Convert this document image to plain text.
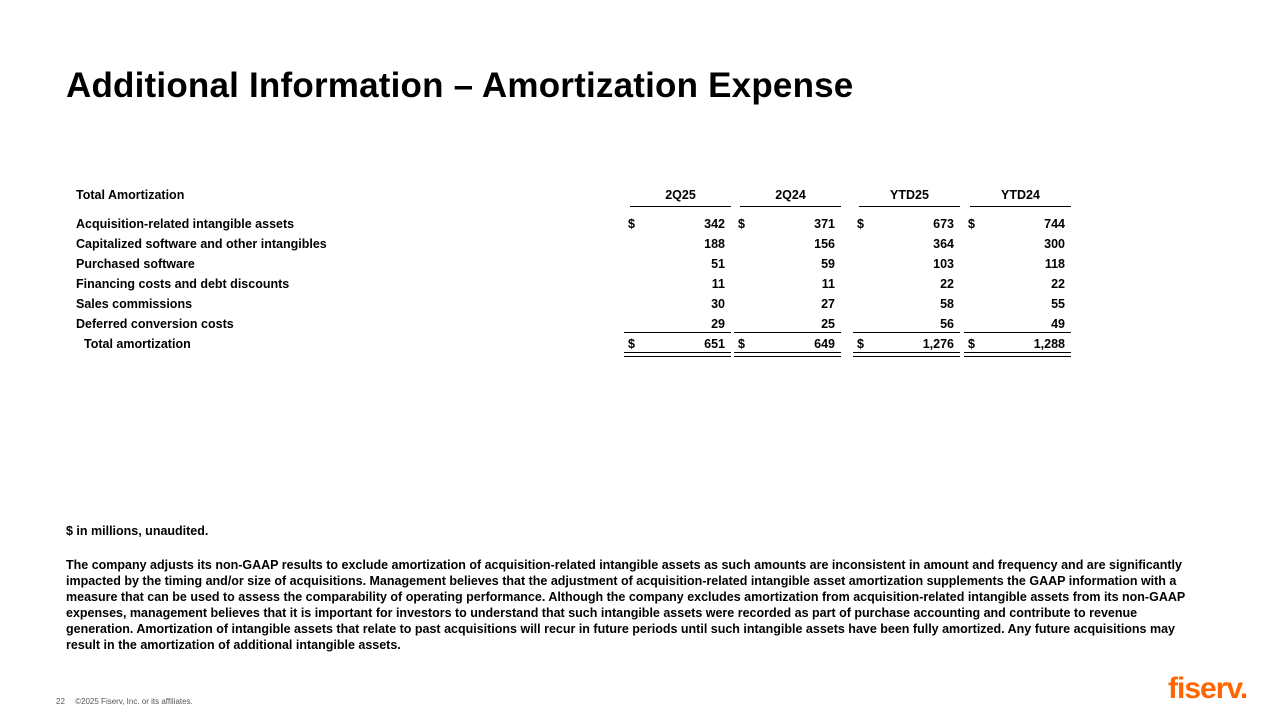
Additional Information – Amortization Expense
Total Amortization	2Q25	2Q24	YTD25	YTD24
Acquisition-related intangible assets	$	342 $	371 $	673 $	744
Capitalized software and other intangibles	188	156	364	300
Purchased software	51	59	103	118
Financing costs and debt discounts	11	11	22	22
Sales commissions	30	27	58	55
Deferred conversion costs	29	25	56	49
Total amortization	$	651 $	649 $	1,276 $	1,288
$ in millions, unaudited.
The company adjusts its non-GAAP results to exclude amortization of acquisition-related intangible assets as such amounts are inconsistent in amount and frequency and are significantly impacted by the timing and/or size of acquisitions. Management believes that the adjustment of acquisition-related intangible asset amortization supplements the GAAP information with a measure that can be used to assess the comparability of operating performance. Although the company excludes amortization from acquisition-related intangible assets from its non-GAAP expenses, management believes that it is important for investors to understand that such intangible assets were recorded as part of purchase accounting and contribute to revenue generation. Amortization of intangible assets that relate to past acquisitions will recur in future periods until such intangible assets have been fully amortized. Any future acquisitions may result in the amortization of additional intangible assets.
22 ©2025 Fiserv, Inc. or its affiliates.	fiserv.
